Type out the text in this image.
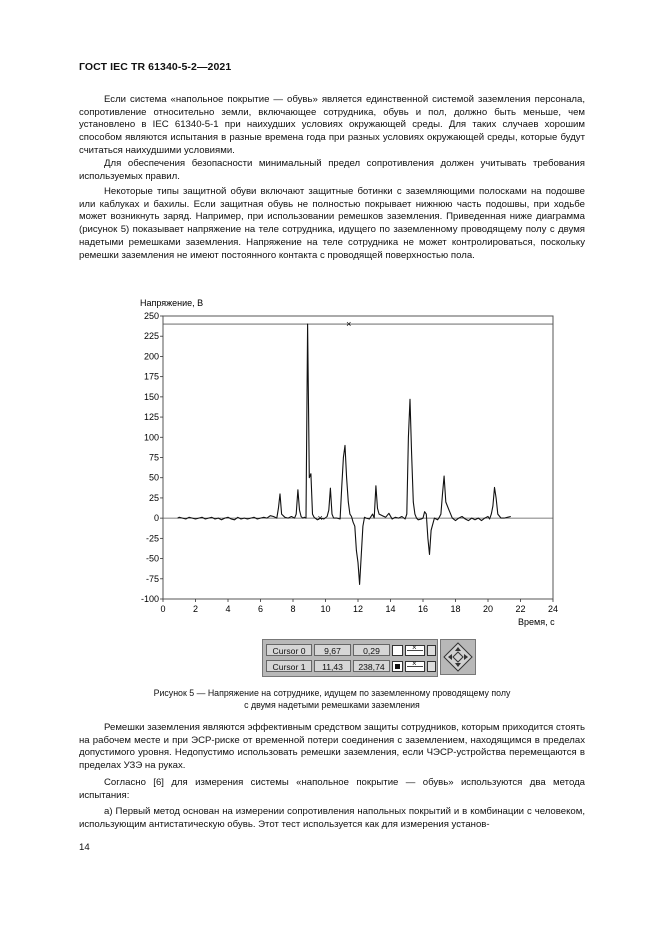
ГОСТ IEC TR 61340-5-2—2021

Если система «напольное покрытие — обувь» является единственной системой заземления персонала, сопротивление относительно земли, включающее сотрудника, обувь и пол, должно быть меньше, чем установлено в IEC 61340-5-1 при наихудших условиях окружающей среды. Для таких случаев хорошим способом являются испытания в разные времена года при разных условиях окружающей среды, которые будут считаться наихудшими условиями.

Для обеспечения безопасности минимальный предел сопротивления должен учитывать требования используемых правил.

Некоторые типы защитной обуви включают защитные ботинки с заземляющими полосками на подошве или каблуках и бахилы. Если защитная обувь не полностью покрывает нижнюю часть подошвы, при ходьбе может возникнуть заряд. Например, при использовании ремешков заземления. Приведенная ниже диаграмма (рисунок 5) показывает напряжение на теле сотрудника, идущего по заземленному проводящему полу с двумя надетыми ремешками заземления. Напряжение на теле сотрудника не может контролироваться, поскольку ремешки заземления не имеют постоянного контакта с проводящей поверхностью пола.

Напряжение, В
Время, с
×
×
0	2	4	6	8	10 12 14 16 18 20 22 24
250
225
200
175
150
125
100
75
50
25
0
-25
-50
-75
-100
Cursor 0	9,67	0,29	×
Cursor 1	11,43	238,74	×
Рисунок 5 — Напряжение на сотруднике, идущем по заземленному проводящему полу
с двумя надетыми ремешками заземления

Ремешки заземления являются эффективным средством защиты сотрудников, которым приходится стоять на рабочем месте и при ЭСР-риске от временной потери соединения с заземлением, находящимся в пределах допустимого уровня. Недопустимо использовать ремешки заземления, если ЧЭСР-устройства перемещаются в пределах УЗЭ на руках.

Согласно [6] для измерения системы «напольное покрытие — обувь» используются два метода испытания:

а) Первый метод основан на измерении сопротивления напольных покрытий и в комбинации с человеком, использующим антистатическую обувь. Этот тест используется как для измерения установ-

14
